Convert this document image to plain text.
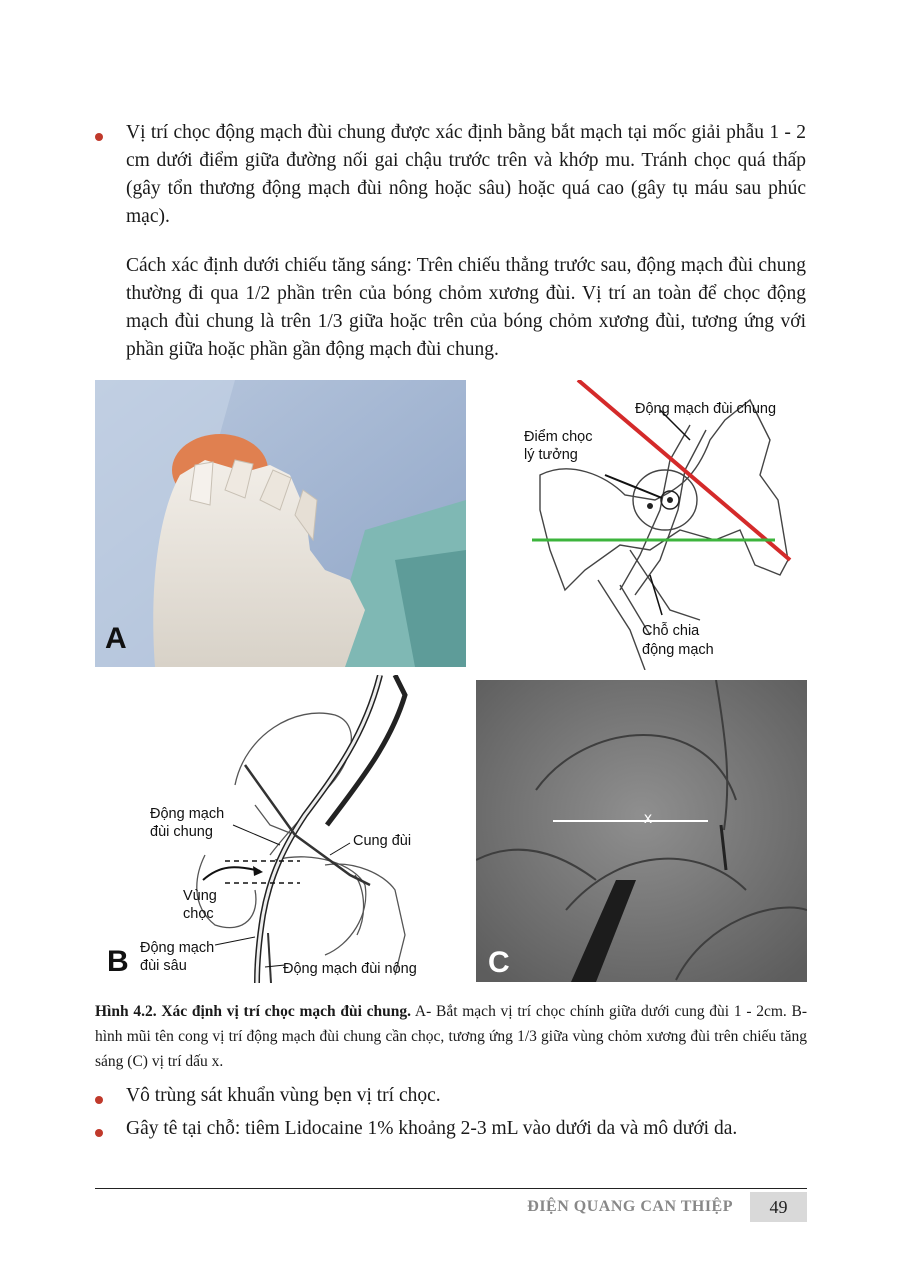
Vị trí chọc động mạch đùi chung được xác định bằng bắt mạch tại mốc giải phẫu 1 - 2 cm dưới điểm giữa đường nối gai chậu trước trên và khớp mu. Tránh chọc quá thấp (gây tổn thương động mạch đùi nông hoặc sâu) hoặc quá cao (gây tụ máu sau phúc mạc).
Cách xác định dưới chiếu tăng sáng: Trên chiếu thẳng trước sau, động mạch đùi chung thường đi qua 1/2 phần trên của bóng chỏm xương đùi. Vị trí an toàn để chọc động mạch đùi chung là trên 1/3 giữa hoặc trên của bóng chỏm xương đùi, tương ứng với phần giữa hoặc phần gần động mạch đùi chung.
A
Động mạch đùi chung
Điểm chọc
lý tưởng
Chỗ chia
động mạch
Động mạch
đùi chung
Cung đùi
Vùng
chọc
Động mạch
đùi sâu	Động mạch đùi nông
B
x
C
Hình 4.2. Xác định vị trí chọc mạch đùi chung. A- Bắt mạch vị trí chọc chính giữa dưới cung đùi 1 - 2cm. B- hình mũi tên cong vị trí động mạch đùi chung cần chọc, tương ứng 1/3 giữa vùng chỏm xương đùi trên chiếu tăng sáng (C) vị trí dấu x.
Vô trùng sát khuẩn vùng bẹn vị trí chọc.
Gây tê tại chỗ: tiêm Lidocaine 1% khoảng 2-3 mL vào dưới da và mô dưới da.
ĐIỆN QUANG CAN THIỆP	49
